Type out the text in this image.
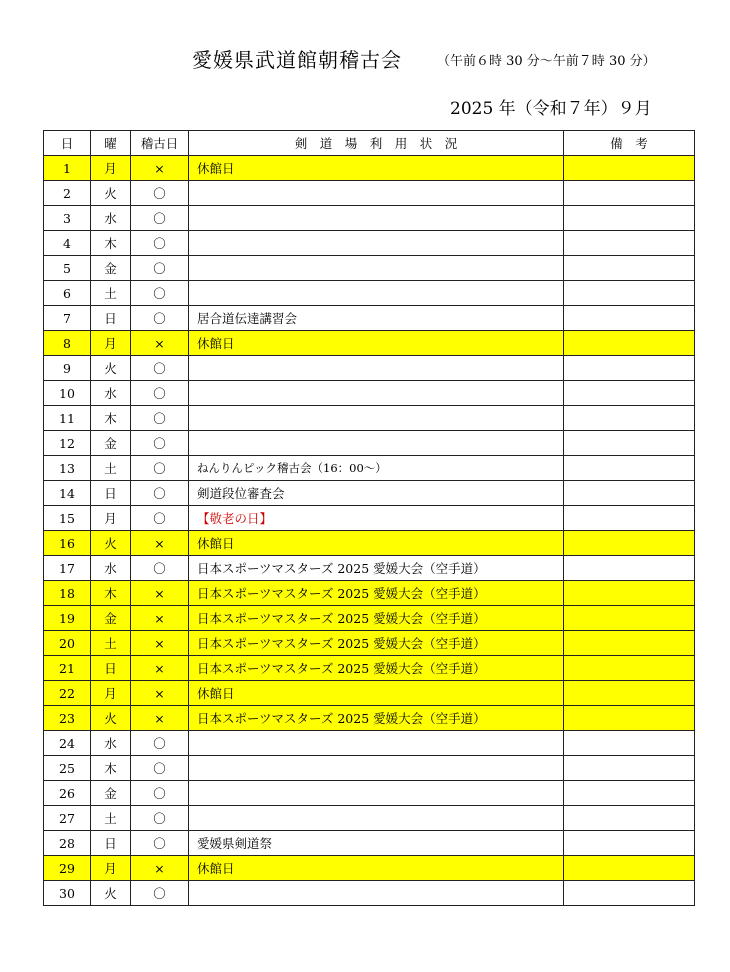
愛媛県武道館朝稽古会	（午前６時 30 分～午前７時 30 分）
2025 年（令和７年）９月
日	曜	稽古日	剣　道　場　利　用　状　況	備　考
1	月	×	休館日	
2	火	〇		
3	水	〇		
4	木	〇		
5	金	〇		
6	土	〇		
7	日	〇	居合道伝達講習会	
8	月	×	休館日	
9	火	〇		
10	水	〇		
11	木	〇		
12	金	〇		
13	土	〇	ねんりんピック稽古会（16：00～）	
14	日	〇	剣道段位審査会	
15	月	〇	【敬老の日】	
16	火	×	休館日	
17	水	〇	日本スポーツマスターズ 2025 愛媛大会（空手道）	
18	木	×	日本スポーツマスターズ 2025 愛媛大会（空手道）	
19	金	×	日本スポーツマスターズ 2025 愛媛大会（空手道）	
20	土	×	日本スポーツマスターズ 2025 愛媛大会（空手道）	
21	日	×	日本スポーツマスターズ 2025 愛媛大会（空手道）	
22	月	×	休館日	
23	火	×	日本スポーツマスターズ 2025 愛媛大会（空手道）	
24	水	〇		
25	木	〇		
26	金	〇		
27	土	〇		
28	日	〇	愛媛県剣道祭	
29	月	×	休館日	
30	火	〇		
